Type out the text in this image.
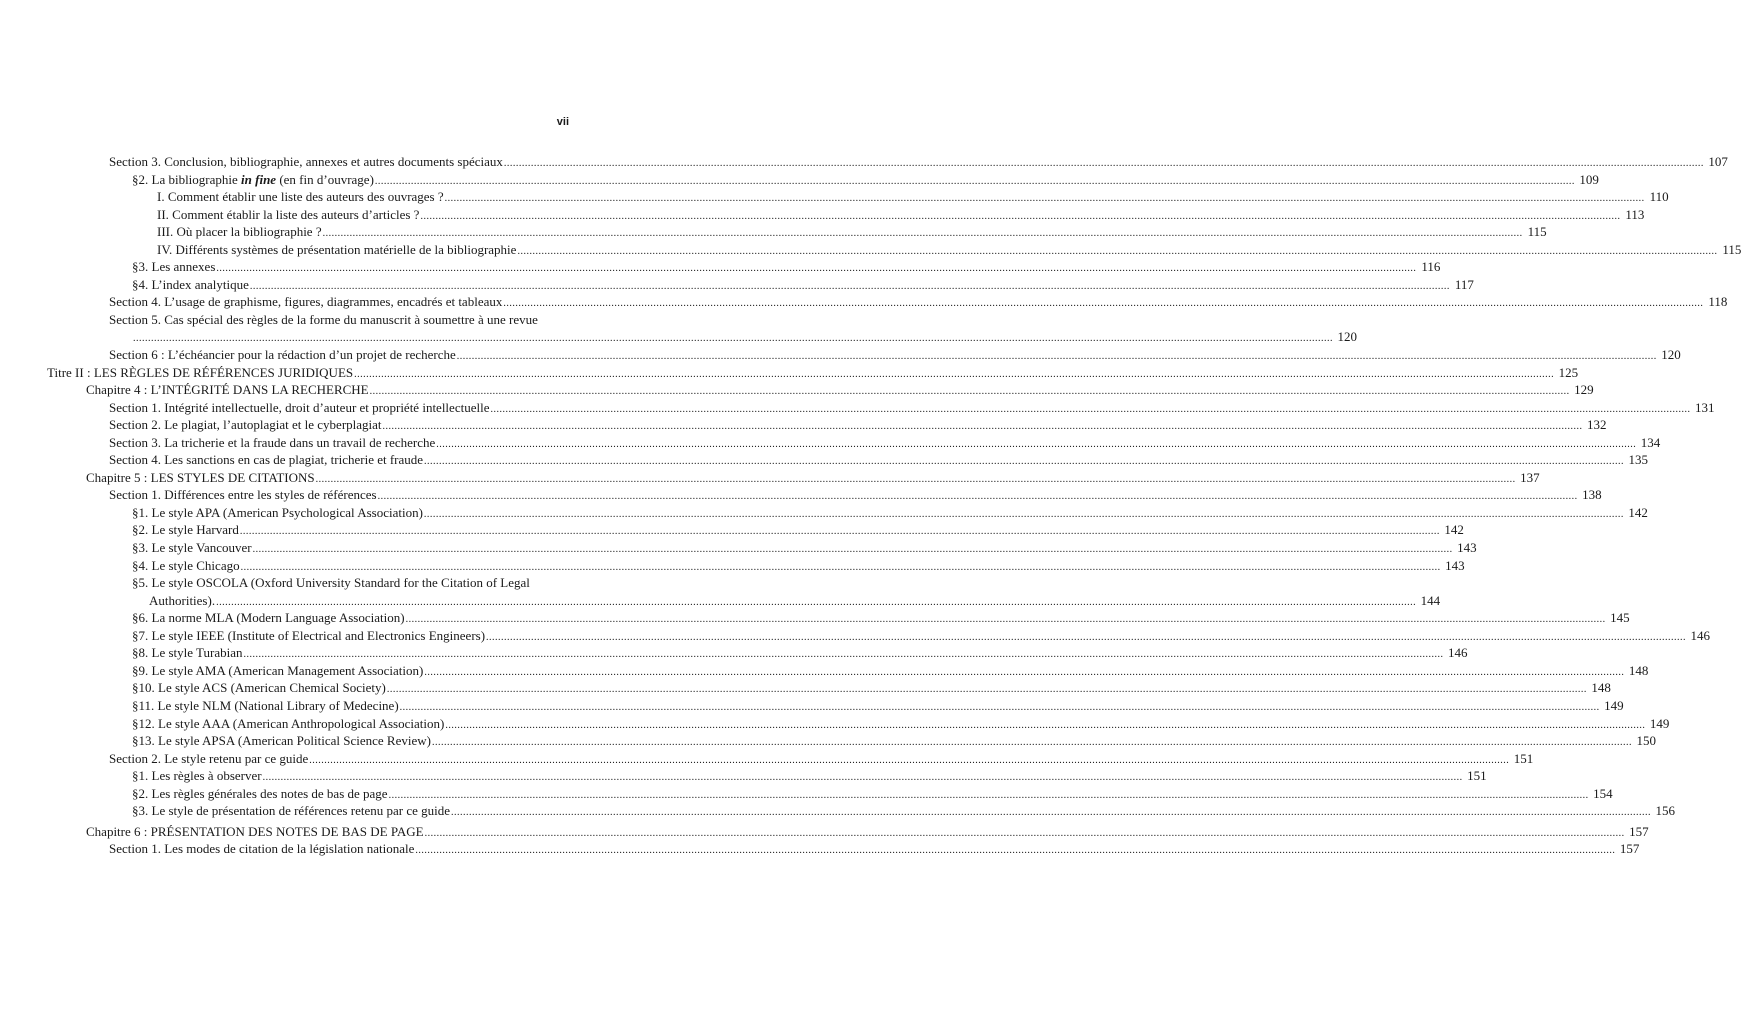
vii
Section 3. Conclusion, bibliographie, annexes et autres documents spéciaux ................................................................................................................................................................................................................................................................................................................................................................................................................ 107
§2. La bibliographie in fine (en fin d’ouvrage) ................................................................................................................................................................................................................................................................................................................................................................................................................ 109
I. Comment établir une liste des auteurs des ouvrages ? ................................................................................................................................................................................................................................................................................................................................................................................................................ 110
II. Comment établir la liste des auteurs d’articles ? ................................................................................................................................................................................................................................................................................................................................................................................................................ 113
III. Où placer la bibliographie ? ................................................................................................................................................................................................................................................................................................................................................................................................................ 115
IV. Différents systèmes de présentation matérielle de la bibliographie ................................................................................................................................................................................................................................................................................................................................................................................................................ 115
§3. Les annexes ................................................................................................................................................................................................................................................................................................................................................................................................................ 116
§4. L’index analytique ................................................................................................................................................................................................................................................................................................................................................................................................................ 117
Section 4. L’usage de graphisme, figures, diagrammes, encadrés et tableaux ................................................................................................................................................................................................................................................................................................................................................................................................................ 118
Section 5. Cas spécial des règles de la forme du manuscrit à soumettre à une revue
................................................................................................................................................................................................................................................................................................................................................................................................................ 120
Section 6 : L’échéancier pour la rédaction d’un projet de recherche ................................................................................................................................................................................................................................................................................................................................................................................................................ 120
Titre II : LES RÈGLES DE RÉFÉRENCES JURIDIQUES ................................................................................................................................................................................................................................................................................................................................................................................................................ 125
Chapitre 4 : L’INTÉGRITÉ DANS LA RECHERCHE ................................................................................................................................................................................................................................................................................................................................................................................................................ 129
Section 1. Intégrité intellectuelle, droit d’auteur et propriété intellectuelle ................................................................................................................................................................................................................................................................................................................................................................................................................ 131
Section 2. Le plagiat, l’autoplagiat et le cyberplagiat ................................................................................................................................................................................................................................................................................................................................................................................................................ 132
Section 3. La tricherie et la fraude dans un travail de recherche ................................................................................................................................................................................................................................................................................................................................................................................................................ 134
Section 4. Les sanctions en cas de plagiat, tricherie et fraude ................................................................................................................................................................................................................................................................................................................................................................................................................ 135
Chapitre 5 : LES STYLES DE CITATIONS ................................................................................................................................................................................................................................................................................................................................................................................................................ 137
Section 1. Différences entre les styles de références ................................................................................................................................................................................................................................................................................................................................................................................................................ 138
§1. Le style APA (American Psychological Association) ................................................................................................................................................................................................................................................................................................................................................................................................................ 142
§2. Le style Harvard ................................................................................................................................................................................................................................................................................................................................................................................................................ 142
§3. Le style Vancouver ................................................................................................................................................................................................................................................................................................................................................................................................................ 143
§4. Le style Chicago ................................................................................................................................................................................................................................................................................................................................................................................................................ 143
§5. Le style OSCOLA (Oxford University Standard for the Citation of Legal
Authorities). ................................................................................................................................................................................................................................................................................................................................................................................................................ 144
§6. La norme MLA (Modern Language Association) ................................................................................................................................................................................................................................................................................................................................................................................................................ 145
§7. Le style IEEE (Institute of Electrical and Electronics Engineers) ................................................................................................................................................................................................................................................................................................................................................................................................................ 146
§8. Le style Turabian ................................................................................................................................................................................................................................................................................................................................................................................................................ 146
§9. Le style AMA (American Management Association) ................................................................................................................................................................................................................................................................................................................................................................................................................ 148
§10. Le style ACS (American Chemical Society) ................................................................................................................................................................................................................................................................................................................................................................................................................ 148
§11. Le style NLM (National Library of Medecine) ................................................................................................................................................................................................................................................................................................................................................................................................................ 149
§12. Le style AAA (American Anthropological Association) ................................................................................................................................................................................................................................................................................................................................................................................................................ 149
§13. Le style APSA (American Political Science Review) ................................................................................................................................................................................................................................................................................................................................................................................................................ 150
Section 2. Le style retenu par ce guide ................................................................................................................................................................................................................................................................................................................................................................................................................ 151
§1. Les règles à observer ................................................................................................................................................................................................................................................................................................................................................................................................................ 151
§2. Les règles générales des notes de bas de page ................................................................................................................................................................................................................................................................................................................................................................................................................ 154
§3. Le style de présentation de références retenu par ce guide ................................................................................................................................................................................................................................................................................................................................................................................................................ 156
Chapitre 6 : PRÉSENTATION DES NOTES DE BAS DE PAGE ................................................................................................................................................................................................................................................................................................................................................................................................................ 157
Section 1. Les modes de citation de la législation nationale ................................................................................................................................................................................................................................................................................................................................................................................................................ 157
